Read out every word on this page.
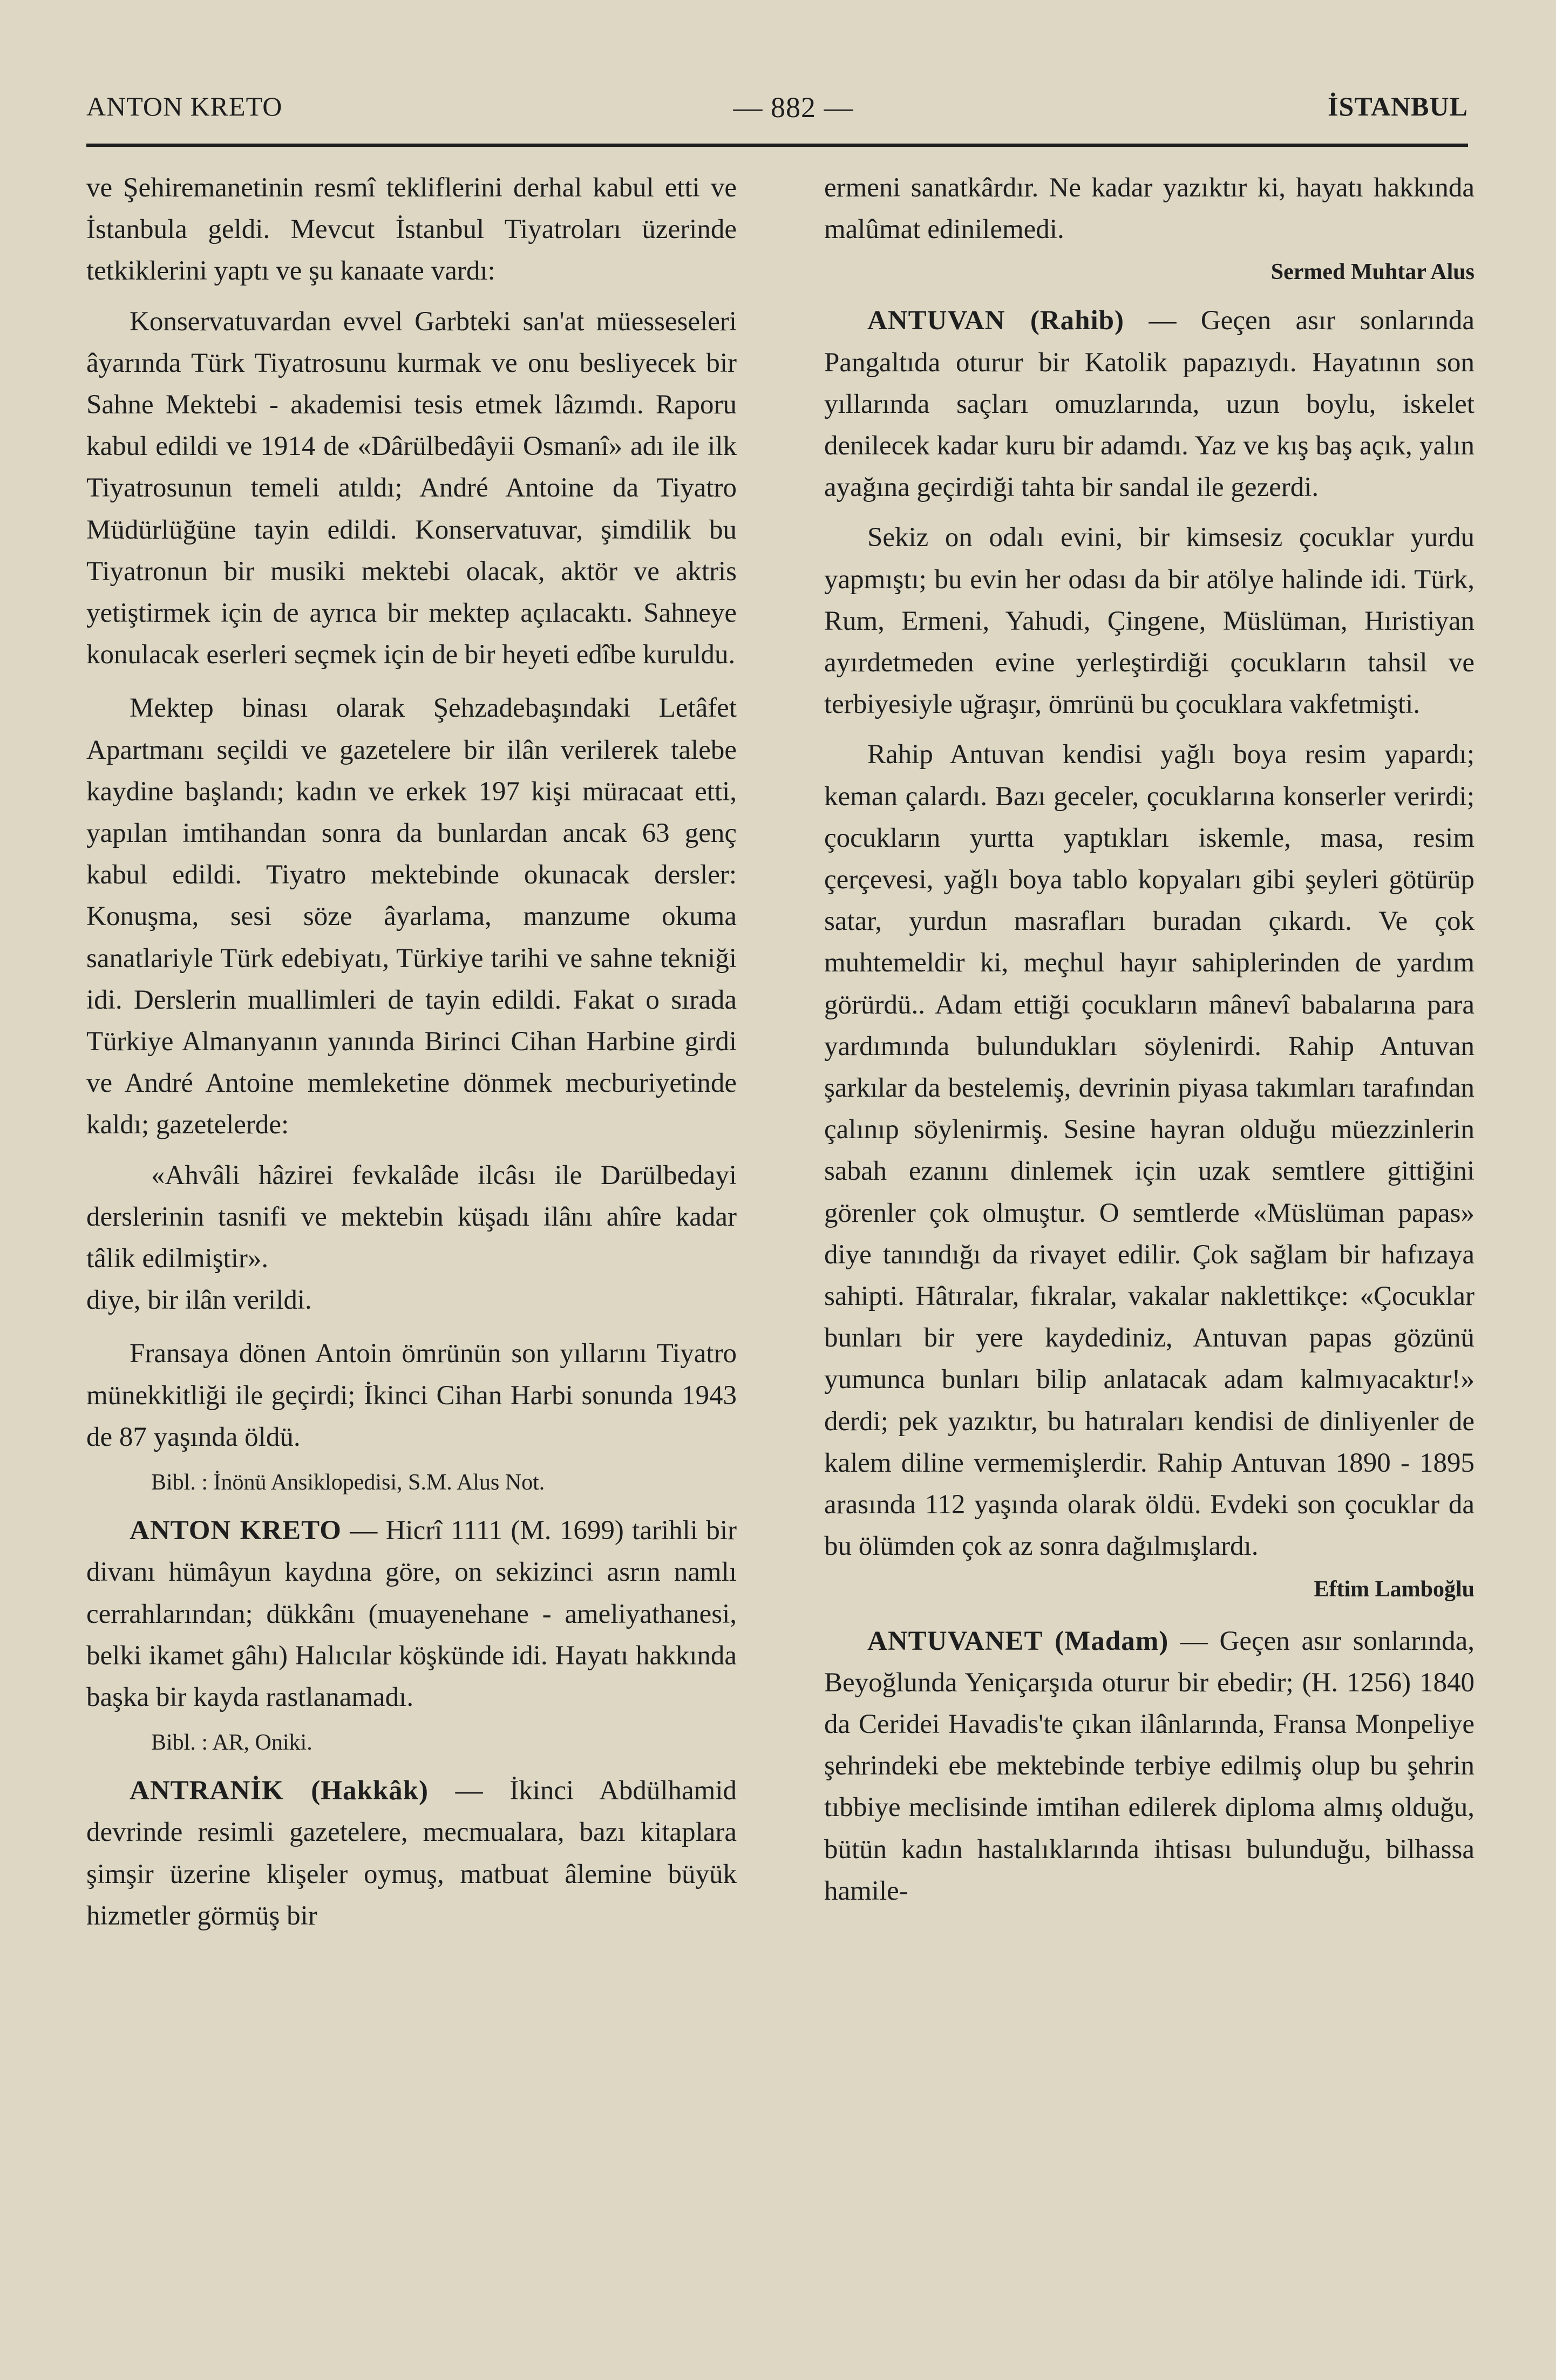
ANTON KRETO	— 882 —	İSTANBUL

ve Şehiremanetinin resmî tekliflerini derhal kabul etti ve İstanbula geldi. Mevcut İstanbul Tiyatroları üzerinde tetkiklerini yaptı ve şu kanaate vardı:

Konservatuvardan evvel Garbteki san'at müesseseleri âyarında Türk Tiyatrosunu kurmak ve onu besliyecek bir Sahne Mektebi - akademisi tesis etmek lâzımdı. Raporu kabul edildi ve 1914 de «Dârülbedâyii Osmanî» adı ile ilk Tiyatrosunun temeli atıldı; André Antoine da Tiyatro Müdürlüğüne tayin edildi. Konservatuvar, şimdilik bu Tiyatronun bir musiki mektebi olacak, aktör ve aktris yetiştirmek için de ayrıca bir mektep açılacaktı. Sahneye konulacak eserleri seçmek için de bir heyeti edîbe kuruldu.

Mektep binası olarak Şehzadebaşındaki Letâfet Apartmanı seçildi ve gazetelere bir ilân verilerek talebe kaydine başlandı; kadın ve erkek 197 kişi müracaat etti, yapılan imtihandan sonra da bunlardan ancak 63 genç kabul edildi. Tiyatro mektebinde okunacak dersler: Konuşma, sesi söze âyarlama, manzume okuma sanatlariyle Türk edebiyatı, Türkiye tarihi ve sahne tekniği idi. Derslerin muallimleri de tayin edildi. Fakat o sırada Türkiye Almanyanın yanında Birinci Cihan Harbine girdi ve André Antoine memleketine dönmek mecburiyetinde kaldı; gazetelerde:

«Ahvâli hâzirei fevkalâde ilcâsı ile Darülbedayi derslerinin tasnifi ve mektebin küşadı ilânı ahîre kadar tâlik edilmiştir».

diye, bir ilân verildi.

Fransaya dönen Antoin ömrünün son yıllarını Tiyatro münekkitliği ile geçirdi; İkinci Cihan Harbi sonunda 1943 de 87 yaşında öldü.

Bibl. : İnönü Ansiklopedisi, S.M. Alus Not.

ANTON KRETO — Hicrî 1111 (M. 1699) tarihli bir divanı hümâyun kaydına göre, on sekizinci asrın namlı cerrahlarından; dükkânı (muayenehane - ameliyathanesi, belki ikamet gâhı) Halıcılar köşkünde idi. Hayatı hakkında başka bir kayda rastlanamadı.

Bibl. : AR, Oniki.

ANTRANİK (Hakkâk) — İkinci Abdülhamid devrinde resimli gazetelere, mecmualara, bazı kitaplara şimşir üzerine klişeler oymuş, matbuat âlemine büyük hizmetler görmüş bir

ermeni sanatkârdır. Ne kadar yazıktır ki, hayatı hakkında malûmat edinilemedi.

Sermed Muhtar Alus

ANTUVAN (Rahib) — Geçen asır sonlarında Pangaltıda oturur bir Katolik papazıydı. Hayatının son yıllarında saçları omuzlarında, uzun boylu, iskelet denilecek kadar kuru bir adamdı. Yaz ve kış baş açık, yalın ayağına geçirdiği tahta bir sandal ile gezerdi.

Sekiz on odalı evini, bir kimsesiz çocuklar yurdu yapmıştı; bu evin her odası da bir atölye halinde idi. Türk, Rum, Ermeni, Yahudi, Çingene, Müslüman, Hıristiyan ayırdetmeden evine yerleştirdiği çocukların tahsil ve terbiyesiyle uğraşır, ömrünü bu çocuklara vakfetmişti.

Rahip Antuvan kendisi yağlı boya resim yapardı; keman çalardı. Bazı geceler, çocuklarına konserler verirdi; çocukların yurtta yaptıkları iskemle, masa, resim çerçevesi, yağlı boya tablo kopyaları gibi şeyleri götürüp satar, yurdun masrafları buradan çıkardı. Ve çok muhtemeldir ki, meçhul hayır sahiplerinden de yardım görürdü.. Adam ettiği çocukların mânevî babalarına para yardımında bulundukları söylenirdi. Rahip Antuvan şarkılar da bestelemiş, devrinin piyasa takımları tarafından çalınıp söylenirmiş. Sesine hayran olduğu müezzinlerin sabah ezanını dinlemek için uzak semtlere gittiğini görenler çok olmuştur. O semtlerde «Müslüman papas» diye tanındığı da rivayet edilir. Çok sağlam bir hafızaya sahipti. Hâtıralar, fıkralar, vakalar naklettikçe: «Çocuklar bunları bir yere kaydediniz, Antuvan papas gözünü yumunca bunları bilip anlatacak adam kalmıyacaktır!» derdi; pek yazıktır, bu hatıraları kendisi de dinliyenler de kalem diline vermemişlerdir. Rahip Antuvan 1890 - 1895 arasında 112 yaşında olarak öldü. Evdeki son çocuklar da bu ölümden çok az sonra dağılmışlardı.

Eftim Lamboğlu

ANTUVANET (Madam) — Geçen asır sonlarında, Beyoğlunda Yeniçarşıda oturur bir ebedir; (H. 1256) 1840 da Ceridei Havadis'te çıkan ilânlarında, Fransa Monpeliye şehrindeki ebe mektebinde terbiye edilmiş olup bu şehrin tıbbiye meclisinde imtihan edilerek diploma almış olduğu, bütün kadın hastalıklarında ihtisası bulunduğu, bilhassa hamile-
